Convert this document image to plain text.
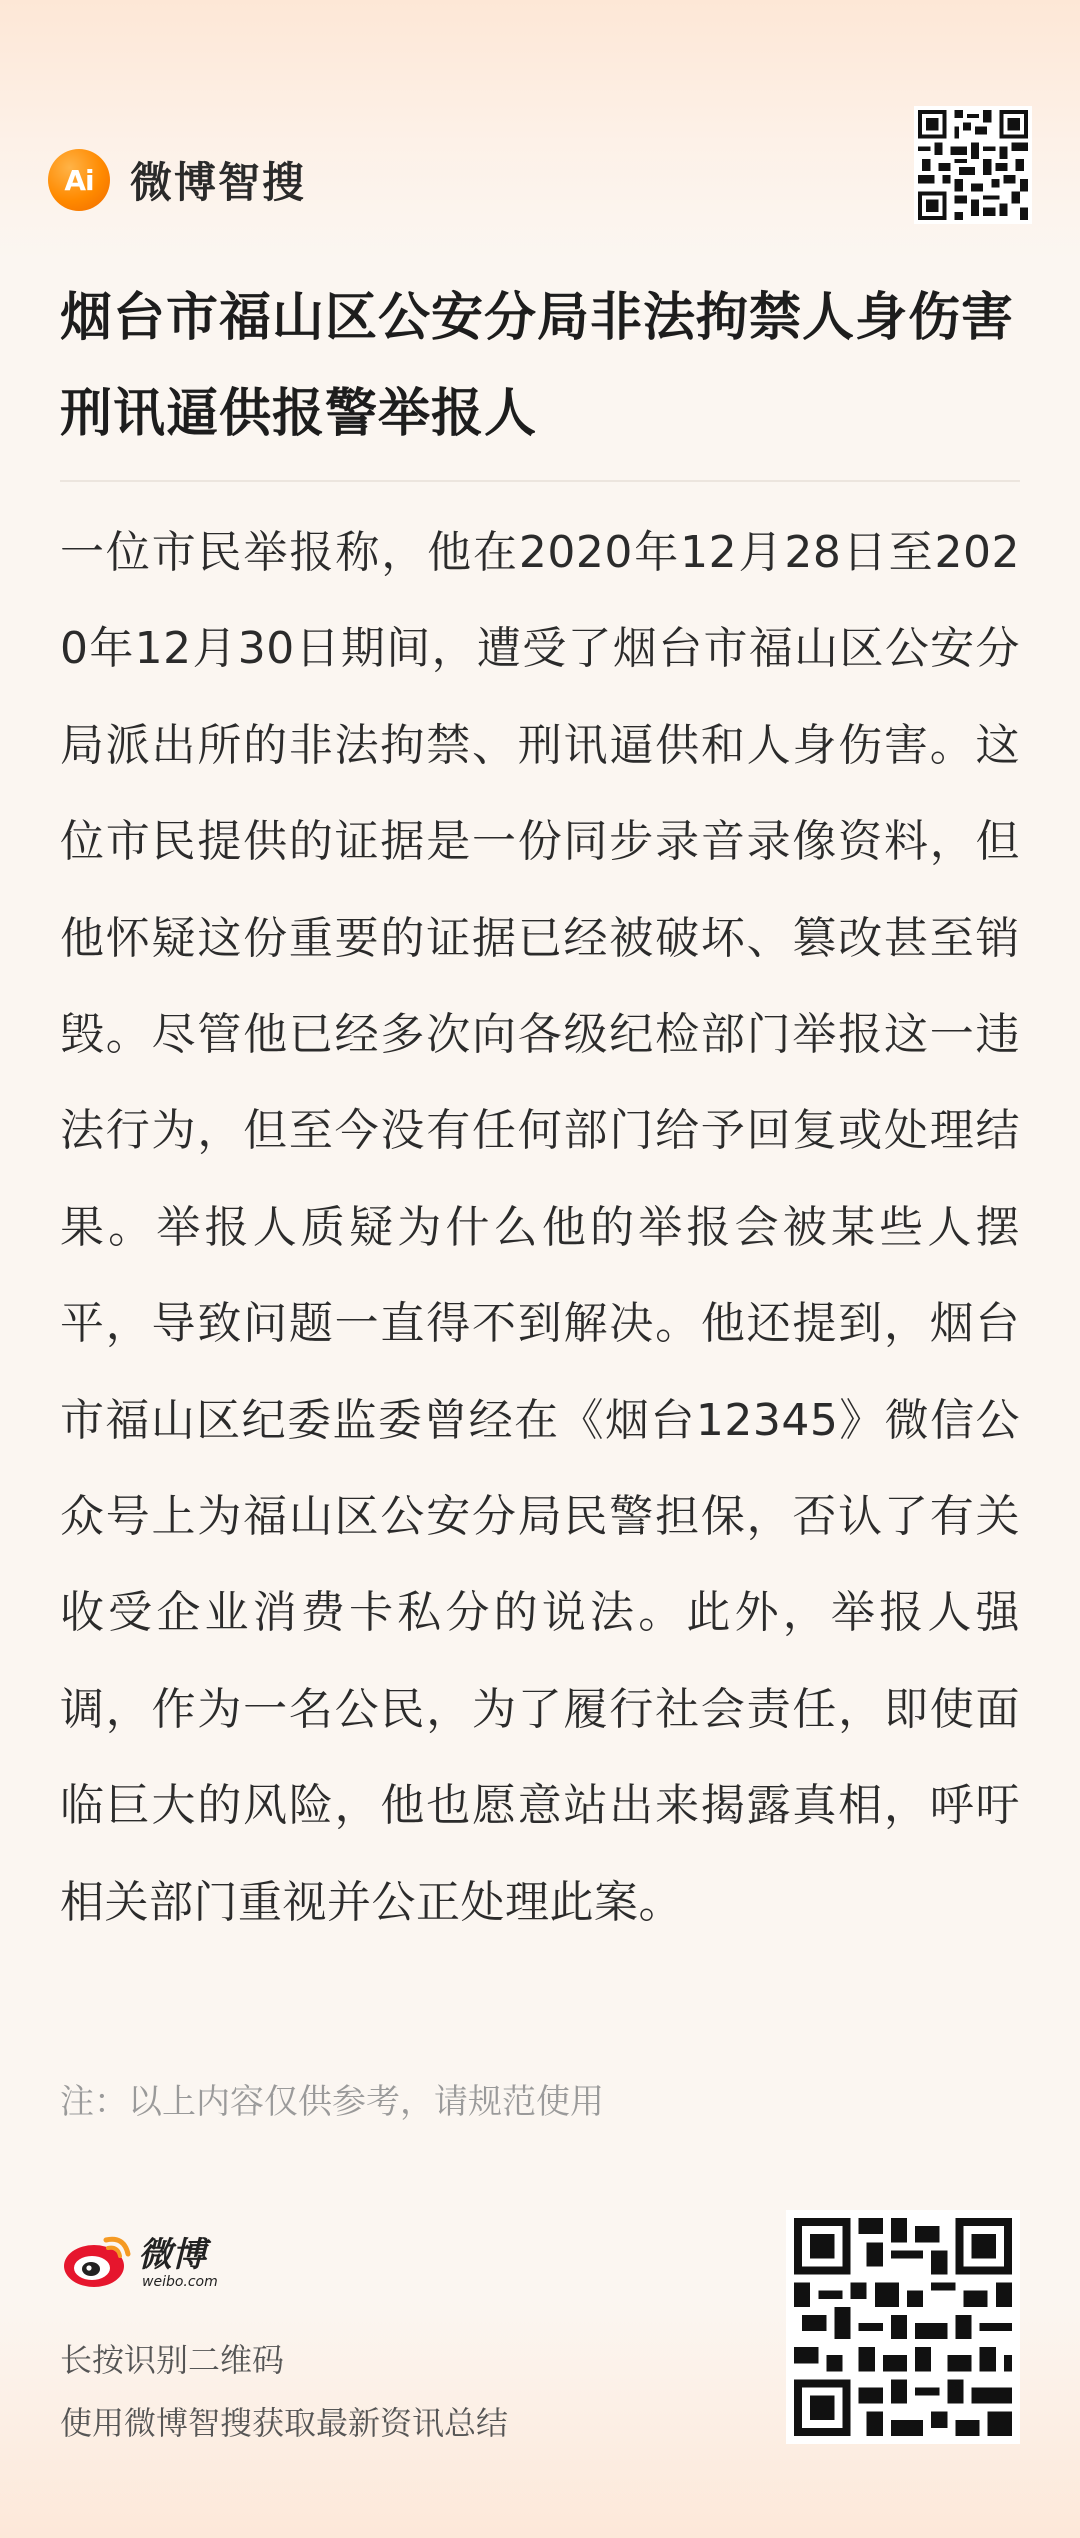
Ai 微博智搜
烟台市福山区公安分局非法拘禁人身伤害刑讯逼供报警举报人
一位市民举报称，他在2020年12月28日至2020年12月30日期间，遭受了烟台市福山区公安分局派出所的非法拘禁、刑讯逼供和人身伤害。这位市民提供的证据是一份同步录音录像资料，但他怀疑这份重要的证据已经被破坏、篡改甚至销毁。尽管他已经多次向各级纪检部门举报这一违法行为，但至今没有任何部门给予回复或处理结果。举报人质疑为什么他的举报会被某些人摆平，导致问题一直得不到解决。他还提到，烟台市福山区纪委监委曾经在《烟台12345》微信公众号上为福山区公安分局民警担保，否认了有关收受企业消费卡私分的说法。此外，举报人强调，作为一名公民，为了履行社会责任，即使面临巨大的风险，他也愿意站出来揭露真相，呼吁相关部门重视并公正处理此案。
注：以上内容仅供参考，请规范使用
微博
weibo.com
长按识别二维码
使用微博智搜获取最新资讯总结
